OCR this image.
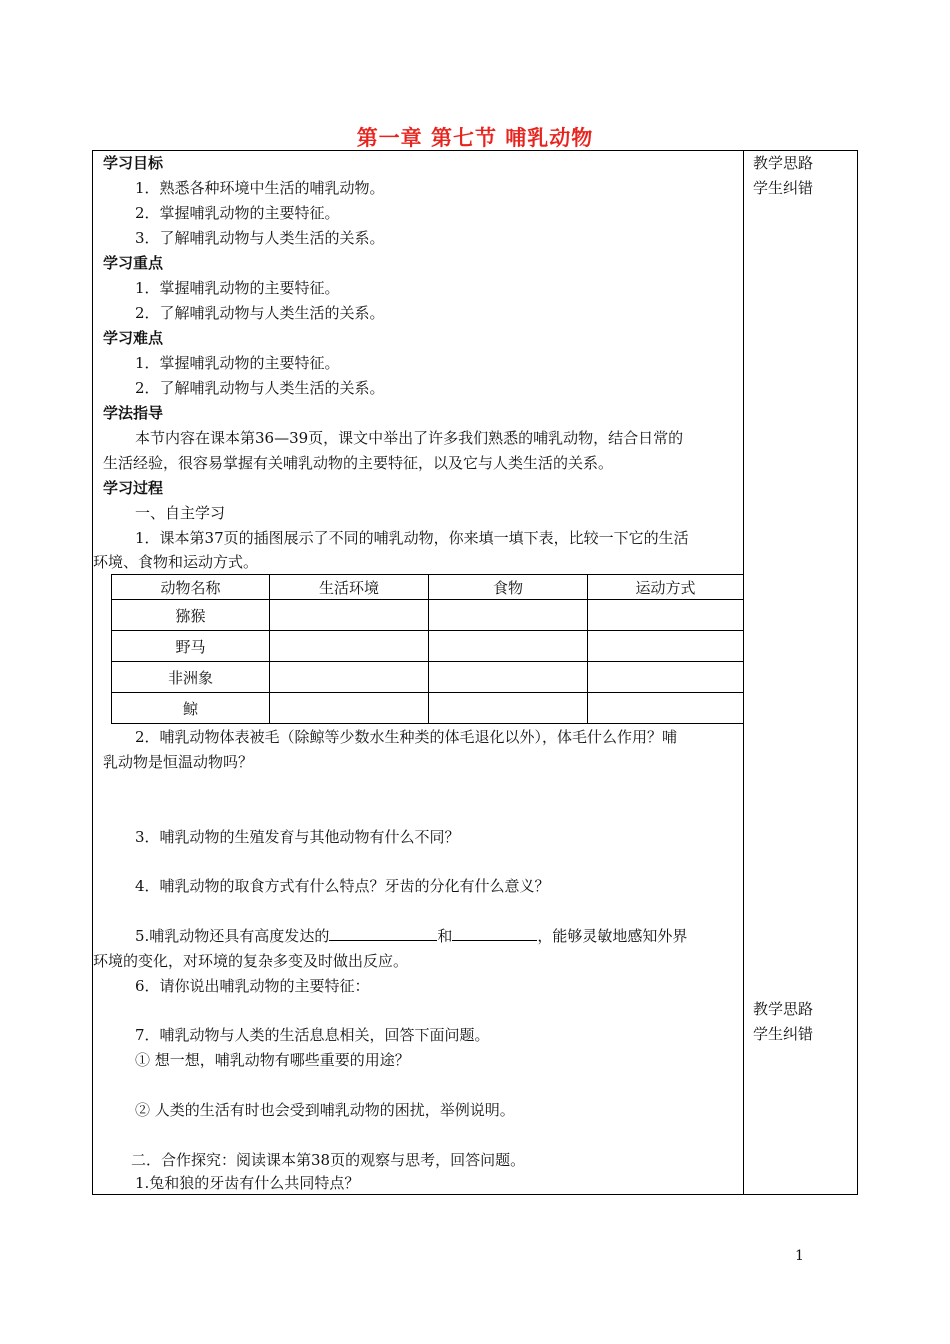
第一章 第七节 哺乳动物
教学思路
学生纠错
教学思路
学生纠错
学习目标
1．熟悉各种环境中生活的哺乳动物。
2．掌握哺乳动物的主要特征。
3．了解哺乳动物与人类生活的关系。
学习重点
1．掌握哺乳动物的主要特征。
2．了解哺乳动物与人类生活的关系。
学习难点
1．掌握哺乳动物的主要特征。
2．了解哺乳动物与人类生活的关系。
学法指导
本节内容在课本第36—39页，课文中举出了许多我们熟悉的哺乳动物，结合日常的
生活经验，很容易掌握有关哺乳动物的主要特征，以及它与人类生活的关系。
学习过程
一、自主学习
1．课本第37页的插图展示了不同的哺乳动物，你来填一填下表，比较一下它的生活
环境、食物和运动方式。
动物名称	生活环境	食物	运动方式
猕猴			
野马			
非洲象			
鲸			
2．哺乳动物体表被毛（除鲸等少数水生种类的体毛退化以外），体毛什么作用？哺
乳动物是恒温动物吗？
3．哺乳动物的生殖发育与其他动物有什么不同？
4．哺乳动物的取食方式有什么特点？牙齿的分化有什么意义？
5.哺乳动物还具有高度发达的	和	，能够灵敏地感知外界
环境的变化，对环境的复杂多变及时做出反应。
6．请你说出哺乳动物的主要特征：
7．哺乳动物与人类的生活息息相关，回答下面问题。
① 想一想，哺乳动物有哪些重要的用途？
② 人类的生活有时也会受到哺乳动物的困扰，举例说明。
二．合作探究：阅读课本第38页的观察与思考，回答问题。
1.兔和狼的牙齿有什么共同特点？
1
